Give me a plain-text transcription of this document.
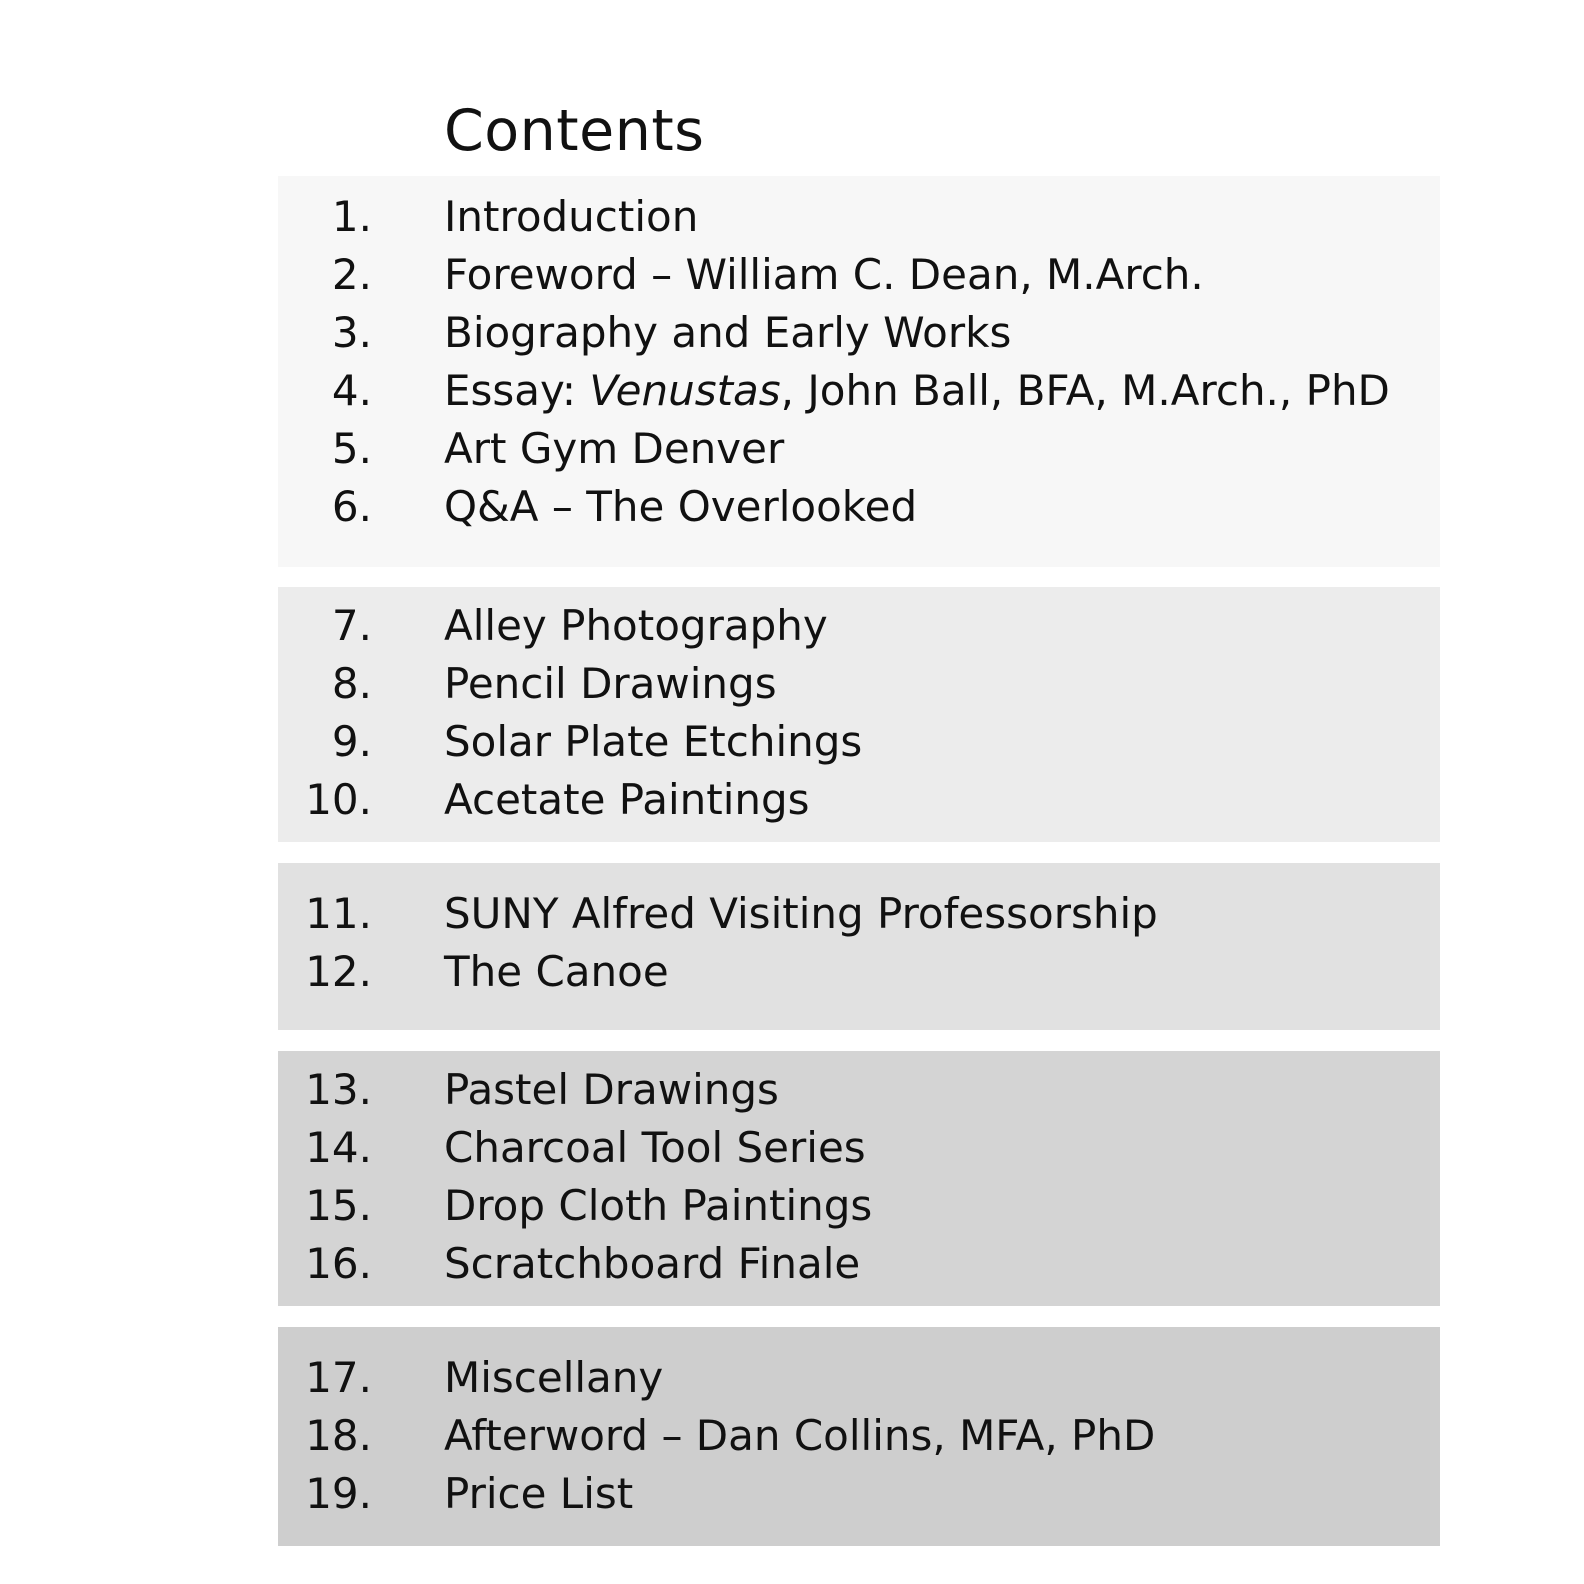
Contents
1. Introduction
2. Foreword – William C. Dean, M.Arch.
3. Biography and Early Works
4. Essay: Venustas, John Ball, BFA, M.Arch., PhD
5. Art Gym Denver
6. Q&A – The Overlooked
7. Alley Photography
8. Pencil Drawings
9. Solar Plate Etchings
10. Acetate Paintings
11. SUNY Alfred Visiting Professorship
12. The Canoe
13. Pastel Drawings
14. Charcoal Tool Series
15. Drop Cloth Paintings
16. Scratchboard Finale
17. Miscellany
18. Afterword – Dan Collins, MFA, PhD
19. Price List
